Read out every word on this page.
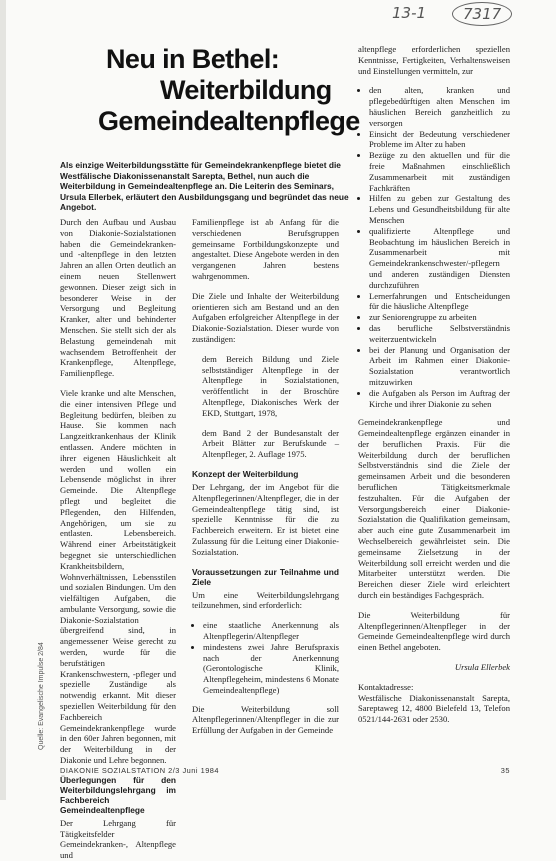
13-1	7317
Neu in Bethel:
Weiterbildung
Gemeindealtenpflege

Als einzige Weiterbildungsstätte für Gemeindekrankenpflege bietet die Westfälische Diakonissenanstalt Sarepta, Bethel, nun auch die Weiterbildung in Gemeindealtenpflege an. Die Leiterin des Seminars, Ursula Ellerbek, erläutert den Ausbildungsgang und begründet das neue Angebot.

Durch den Aufbau und Ausbau von Diakonie-Sozialstationen haben die Gemeindekranken- und -altenpflege in den letzten Jahren an allen Orten deutlich an einem neuen Stellenwert gewonnen. Dieser zeigt sich in besonderer Weise in der Versorgung und Begleitung Kranker, alter und behinderter Menschen. Sie stellt sich der als Belastung gemeindenah mit wachsendem Betroffenheit der Krankenpflege, Altenpflege, Familienpflege.

Viele kranke und alte Menschen, die einer intensiven Pflege und Begleitung bedürfen, bleiben zu Hause. Sie kommen nach Langzeitkrankenhaus der Klinik entlassen. Andere möchten in ihrer eigenen Häuslichkeit alt werden und wollen ein Lebensende möglichst in ihrer Gemeinde. Die Altenpflege pflegt und begleitet die Pflegenden, den Hilfenden, Angehörigen, um sie zu entlasten. Lebensbereich. Während einer Arbeitstätigkeit begegnet sie unterschiedlichen Krankheitsbildern, Wohnverhältnissen, Lebensstilen und sozialen Bindungen. Um den vielfältigen Aufgaben, die ambulante Versorgung, sowie die Diakonie-Sozialstation übergreifend sind, in angemessener Weise gerecht zu werden, wurde für die berufstätigen Krankenschwestern, -pfleger und spezielle Zuständige als notwendig erkannt. Mit dieser speziellen Weiterbildung für den Fachbereich Gemeindekrankenpflege wurde in den 60er Jahren begonnen, mit der Weiterbildung in der Diakonie und Lehre begonnen.

Überlegungen für den Weiterbildungslehrgang im Fachbereich Gemeindealtenpflege

Der Lehrgang für Tätigkeitsfelder Gemeindekranken-, Altenpflege und

Familienpflege ist ab Anfang für die verschiedenen Berufsgruppen gemeinsame Fortbildungskonzepte und angestaltet. Diese Angebote werden in den vergangenen Jahren bestens wahrgenommen.

Die Ziele und Inhalte der Weiterbildung orientieren sich am Bestand und an den Aufgaben erfolgreicher Altenpflege in der Diakonie-Sozialstation. Dieser wurde von zuständigen:

dem Bereich Bildung und Ziele selbstständiger Altenpflege in der Altenpflege in Sozialstationen, veröffentlicht in der Broschüre Altenpflege, Diakonisches Werk der EKD, Stuttgart, 1978,

dem Band 2 der Bundesanstalt der Arbeit Blätter zur Berufskunde – Altenpfleger, 2. Auflage 1975.

Konzept der Weiterbildung

Der Lehrgang, der im Angebot für die Altenpflegerinnen/Altenpfleger, die in der Gemeindealtenpflege tätig sind, ist spezielle Kenntnisse für die zu Fachbereich erweitern. Er ist bietet eine Zulassung für die Leitung einer Diakonie-Sozialstation.

Voraussetzungen zur Teilnahme und Ziele

Um eine Weiterbildungslehrgang teilzunehmen, sind erforderlich:

• eine staatliche Anerkennung als Altenpflegerin/Altenpfleger
• mindestens zwei Jahre Berufspraxis nach der Anerkennung (Gerontologische Klinik, Altenpflegeheim, mindestens 6 Monate Gemeindealtenpflege)

Die Weiterbildung soll Altenpflegerinnen/Altenpfleger in die zur Erfüllung der Aufgaben in der Gemeinde

altenpflege erforderlichen speziellen Kenntnisse, Fertigkeiten, Verhaltensweisen und Einstellungen vermitteln, zur

• den alten, kranken und pflegebedürftigen alten Menschen im häuslichen Bereich ganzheitlich zu versorgen
• Einsicht der Bedeutung verschiedener Probleme im Alter zu haben
• Bezüge zu den aktuellen und für die freie Maßnahmen einschließlich Zusammenarbeit mit zuständigen Fachkräften
• Hilfen zu geben zur Gestaltung des Lebens und Gesundheitsbildung für alte Menschen
• qualifizierte Altenpflege und Beobachtung im häuslichen Bereich in Zusammenarbeit mit Gemeindekrankenschwester/-pflegern und anderen zuständigen Diensten durchzuführen
• Lernerfahrungen und Entscheidungen für die häusliche Altenpflege
• zur Seniorengruppe zu arbeiten
• das berufliche Selbstverständnis weiterzuentwickeln
• bei der Planung und Organisation der Arbeit im Rahmen einer Diakonie-Sozialstation verantwortlich mitzuwirken
• die Aufgaben als Person im Auftrag der Kirche und ihrer Diakonie zu sehen

Gemeindekrankenpflege und Gemeindealtenpflege ergänzen einander in der beruflichen Praxis. Für die Weiterbildung durch der beruflichen Selbstverständnis sind die Ziele der gemeinsamen Arbeit und die besonderen beruflichen Tätigkeitsmerkmale festzuhalten. Für die Aufgaben der Versorgungsbereich einer Diakonie-Sozialstation die Qualifikation gemeinsam, aber auch eine gute Zusammenarbeit im Wechselbereich gewährleistet sein. Die gemeinsame Zielsetzung in der Weiterbildung soll erreicht werden und die Mitarbeiter unterstützt werden. Die Bereichen dieser Ziele wird erleichtert durch ein beständiges Fachgespräch.

Die Weiterbildung für Altenpflegerinnen/Altenpfleger in der Gemeinde Gemeindealtenpflege wird durch einen Bethel angeboten.

Ursula Ellerbek

Kontaktadresse:

Westfälische Diakonissenanstalt Sarepta, Sareptaweg 12, 4800 Bielefeld 13, Telefon 0521/144-2631 oder 2530.

Quelle: Evangelische Impulse 2/84
DIAKONIE SOZIALSTATION 2/3 Juni 1984	35
